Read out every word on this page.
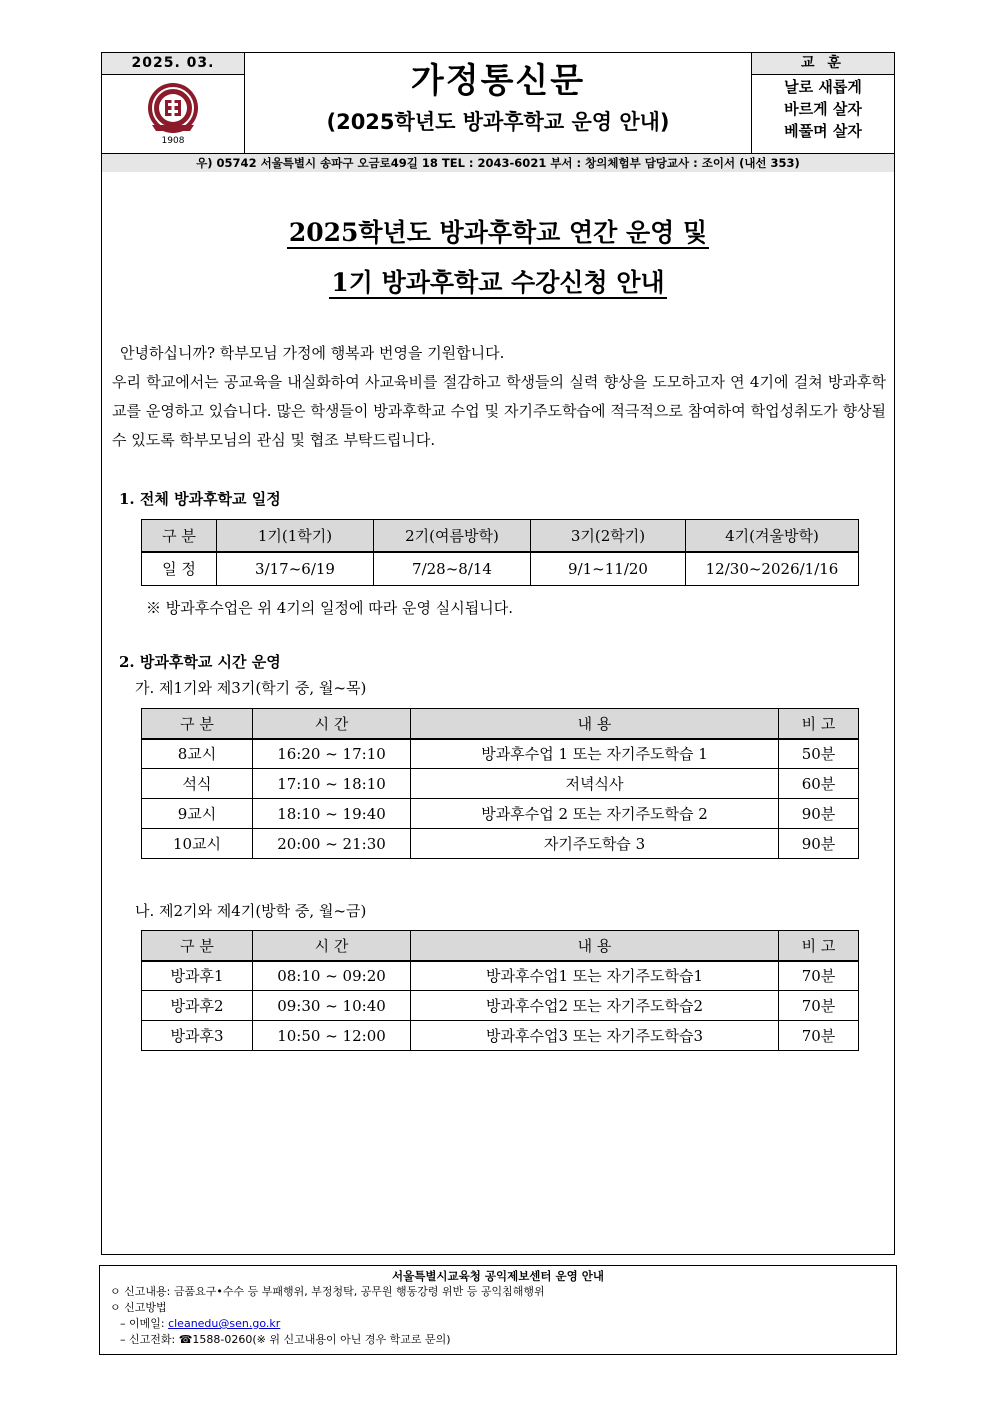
2025. 03.
1908
가정통신문
(2025학년도 방과후학교 운영 안내)
교 훈
날로 새롭게
바르게 살자
베풀며 살자
우) 05742 서울특별시 송파구 오금로49길 18 TEL : 2043-6021 부서 : 창의체험부 담당교사 : 조이서 (내선 353)
2025학년도 방과후학교 연간 운영 및
1기 방과후학교 수강신청 안내

안녕하십니까? 학부모님 가정에 행복과 번영을 기원합니다.

우리 학교에서는 공교육을 내실화하여 사교육비를 절감하고 학생들의 실력 향상을 도모하고자 연 4기에 걸쳐 방과후학교를 운영하고 있습니다. 많은 학생들이 방과후학교 수업 및 자기주도학습에 적극적으로 참여하여 학업성취도가 향상될 수 있도록 학부모님의 관심 및 협조 부탁드립니다.

1. 전체 방과후학교 일정
구 분	1기(1학기)	2기(여름방학)	3기(2학기)	4기(겨울방학)
일 정	3/17~6/19	7/28~8/14	9/1~11/20	12/30~2026/1/16
※ 방과후수업은 위 4기의 일정에 따라 운영 실시됩니다.
2. 방과후학교 시간 운영
가. 제1기와 제3기(학기 중, 월~목)
구 분	시 간	내 용	비 고
8교시	16:20 ~ 17:10	방과후수업 1 또는 자기주도학습 1	50분
석식	17:10 ~ 18:10	저녁식사	60분
9교시	18:10 ~ 19:40	방과후수업 2 또는 자기주도학습 2	90분
10교시	20:00 ~ 21:30	자기주도학습 3	90분
나. 제2기와 제4기(방학 중, 월~금)
구 분	시 간	내 용	비 고
방과후1	08:10 ~ 09:20	방과후수업1 또는 자기주도학습1	70분
방과후2	09:30 ~ 10:40	방과후수업2 또는 자기주도학습2	70분
방과후3	10:50 ~ 12:00	방과후수업3 또는 자기주도학습3	70분
서울특별시교육청 공익제보센터 운영 안내
ㅇ 신고내용: 금품요구•수수 등 부패행위, 부정청탁, 공무원 행동강령 위반 등 공익침해행위
ㅇ 신고방법
– 이메일: cleanedu@sen.go.kr
– 신고전화: ☎1588-0260(※ 위 신고내용이 아닌 경우 학교로 문의)
